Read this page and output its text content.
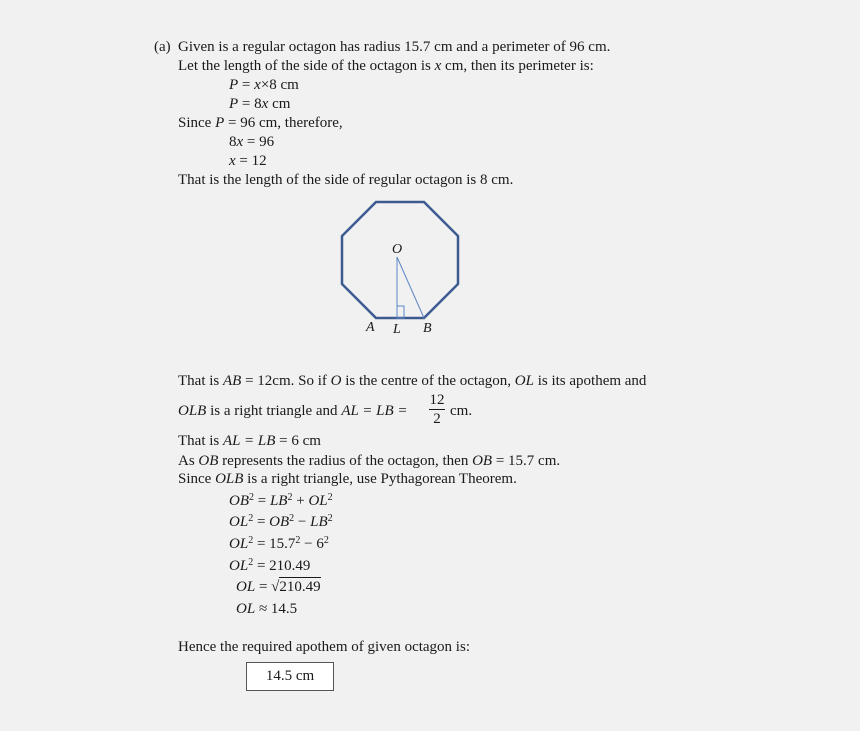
(a) Given is a regular octagon has radius 15.7 cm and a perimeter of 96 cm.
Let the length of the side of the octagon is x cm, then its perimeter is:
P = x×8 cm
P = 8x cm
Since P = 96 cm, therefore,
8x = 96
x = 12
That is the length of the side of regular octagon is 8 cm.
O
A L B
That is AB = 12cm. So if O is the centre of the octagon, OL is its apothem and
OLB is a right triangle and AL = LB =
12
2 cm.
That is AL = LB = 6 cm
As OB represents the radius of the octagon, then OB = 15.7 cm.
Since OLB is a right triangle, use Pythagorean Theorem.
$OB^2 = LB^2 + OL^2$
$OL^2 = OB^2 - LB^2$
$OL^2 = 15.7^2 - 6^2$
$OL^2 = 210.49$
OL = √210.49
OL ≈ 14.5
Hence the required apothem of given octagon is:
14.5 cm
